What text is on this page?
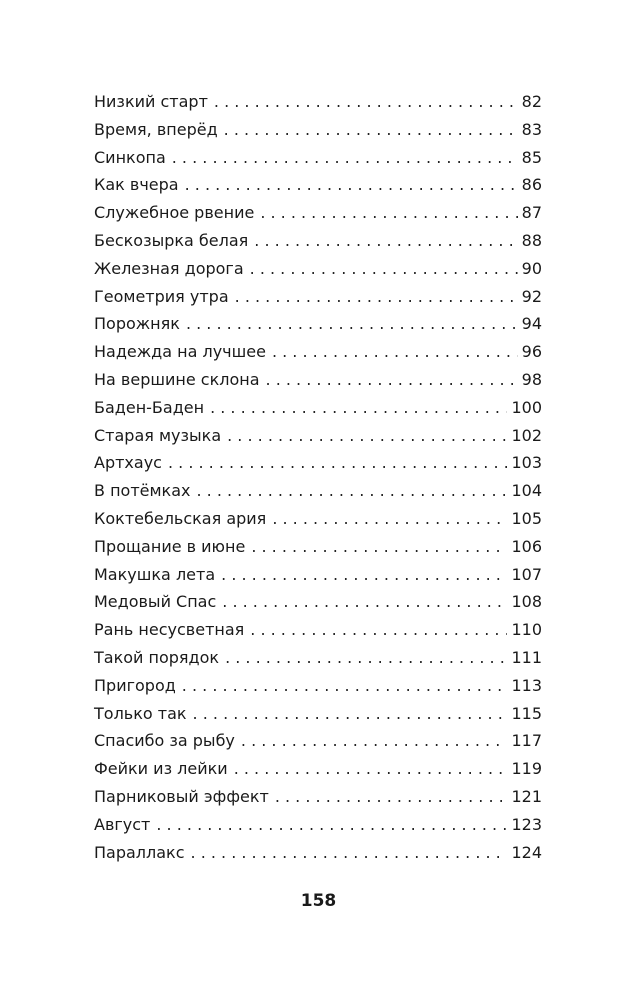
Низкий старт . . .	82
Время, вперёд . . .	83
Синкопа . . .	85
Как вчера . . .	86
Служебное рвение . . .	87
Бескозырка белая . . .	88
Железная дорога . . .	90
Геометрия утра . . .	92
Порожняк . . .	94
Надежда на лучшее . . .	96
На вершине склона . . .	98
Баден-Баден . . .	100
Старая музыка . . .	102
Артхаус . . .	103
В потёмках . . .	104
Коктебельская ария . . .	105
Прощание в июне . . .	106
Макушка лета . . .	107
Медовый Спас . . .	108
Рань несусветная . . .	110
Такой порядок . . .	111
Пригород . . .	113
Только так . . .	115
Спасибо за рыбу . . .	117
Фейки из лейки . . .	119
Парниковый эффект . . .	121
Август . . .	123
Параллакс . . .	124
158
